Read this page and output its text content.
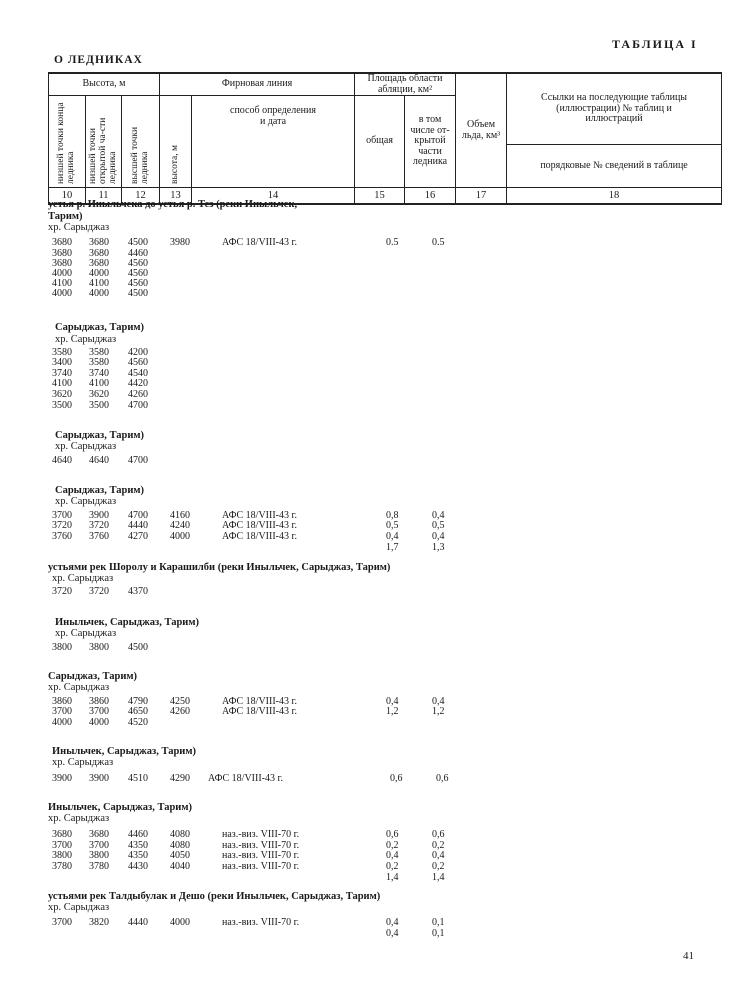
ТАБЛИЦА I
О ЛЕДНИКАХ
Высота, м			Фирновая линия		Площадь области абляции, км²		Объем льда, км³	Ссылки на последующие таблицы (иллюстрации) № таблиц и иллюстраций

низшей точки конца ледника	низшей точки открытой ча-сти ледника	высшей точки ледника	высота, м	способ определения и дата	общая	в том числе от-крытой части ледника		
								порядковые № сведений в таблице
10	11	12	13	14	15	16	17	18
устья р. Иныльчека до устья р. Тез (реки Иныльчек,
Тарим)
хр. Сарыджаз
3680 3680 4500 3980	АФС 18/VIII-43 г.	0.5	0.5
3680 3680 4460
3680 3680 4560
4000 4000 4560
4100 4100 4560
4000 4000 4500
Сарыджаз, Тарим)
хр. Сарыджаз
3580 3580 4200
3400 3580 4560
3740 3740 4540
4100 4100 4420
3620 3620 4260
3500 3500 4700
Сарыджаз, Тарим)
хр. Сарыджаз
4640 4640 4700
Сарыджаз, Тарим)
хр. Сарыджаз
3700 3900 4700 4160	АФС 18/VIII-43 г.	0,8	0,4
3720 3720 4440 4240	АФС 18/VIII-43 г.	0,5	0,5
3760 3760 4270 4000	АФС 18/VIII-43 г.	0,4	0,4
1,7	1,3
устьями рек Шоролу и Карашилби (реки Иныльчек, Сарыджаз, Тарим)
хр. Сарыджаз
3720 3720 4370
Иныльчек, Сарыджаз, Тарим)
хр. Сарыджаз
3800 3800 4500
Сарыджаз, Тарим)
хр. Сарыджаз
3860 3860 4790 4250	АФС 18/VIII-43 г.	0,4	0,4
3700 3700 4650 4260	АФС 18/VIII-43 г.	1,2	1,2
4000 4000 4520
Иныльчек, Сарыджаз, Тарим)
хр. Сарыджаз
3900 3900 4510 4290 АФС 18/VIII-43 г.	0,6	0,6
Иныльчек, Сарыджаз, Тарим)
хр. Сарыджаз
3680 3680 4460 4080	наз.-виз. VIII-70 г.	0,6	0,6
3700 3700 4350 4080	наз.-виз. VIII-70 г.	0,2	0,2
3800 3800 4350 4050	наз.-виз. VIII-70 г.	0,4	0,4
3780 3780 4430 4040	наз.-виз. VIII-70 г.	0,2	0,2
1,4	1,4
устьями рек Талдыбулак и Дешо (реки Иныльчек, Сарыджаз, Тарим)
хр. Сарыджаз
3700 3820 4440 4000	наз.-виз. VIII-70 г.	0,4	0,1
0,4	0,1
41
